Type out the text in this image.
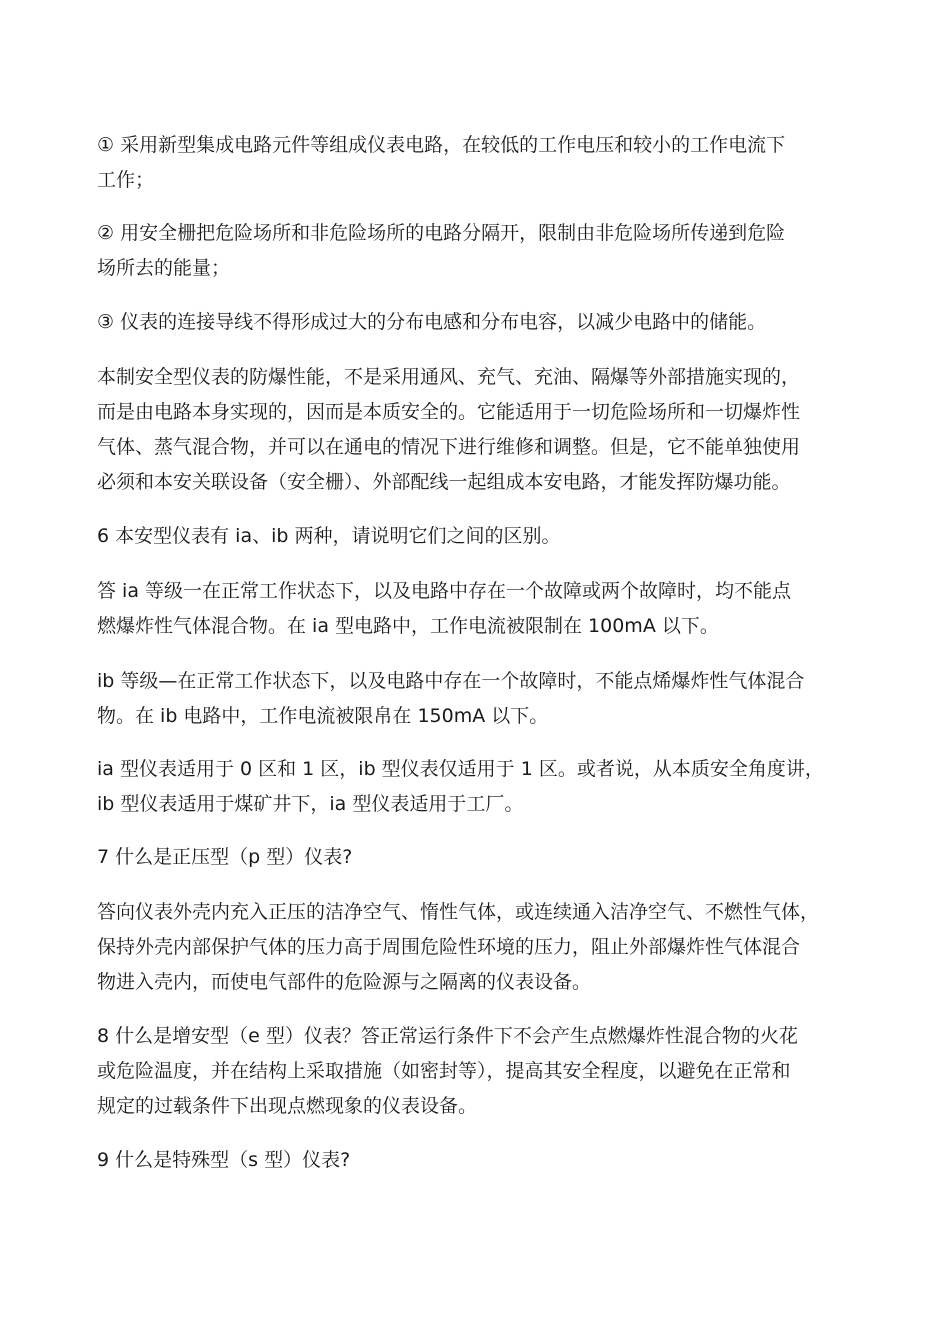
① 采用新型集成电路元件等组成仪表电路，在较低的工作电压和较小的工作电流下
工作；

② 用安全栅把危险场所和非危险场所的电路分隔开，限制由非危险场所传递到危险
场所去的能量；

③ 仪表的连接导线不得形成过大的分布电感和分布电容，以减少电路中的储能。

本制安全型仪表的防爆性能，不是采用通风、充气、充油、隔爆等外部措施实现的，
而是由电路本身实现的，因而是本质安全的。它能适用于一切危险场所和一切爆炸性
气体、蒸气混合物，并可以在通电的情况下进行维修和调整。但是，它不能单独使用
必须和本安关联设备（安全栅）、外部配线一起组成本安电路，才能发挥防爆功能。

6 本安型仪表有 ia、ib 两种，请说明它们之间的区别。

答 ia 等级一在正常工作状态下，以及电路中存在一个故障或两个故障时，均不能点
燃爆炸性气体混合物。在 ia 型电路中，工作电流被限制在 100mA 以下。

ib 等级—在正常工作状态下，以及电路中存在一个故障时，不能点烯爆炸性气体混合
物。在 ib 电路中，工作电流被限帛在 150mA 以下。

ia 型仪表适用于 0 区和 1 区，ib 型仪表仅适用于 1 区。或者说，从本质安全角度讲，
ib 型仪表适用于煤矿井下，ia 型仪表适用于工厂。

7 什么是正压型（p 型）仪表?

答向仪表外壳内充入正压的洁净空气、惰性气体，或连续通入洁净空气、不燃性气体，
保持外壳内部保护气体的压力高于周围危险性环境的压力，阻止外部爆炸性气体混合
物进入壳内，而使电气部件的危险源与之隔离的仪表设备。

8 什么是增安型（e 型）仪表？答正常运行条件下不会产生点燃爆炸性混合物的火花
或危险温度，并在结构上采取措施（如密封等），提高其安全程度，以避免在正常和
规定的过载条件下出现点燃现象的仪表设备。

9 什么是特殊型（s 型）仪表?
